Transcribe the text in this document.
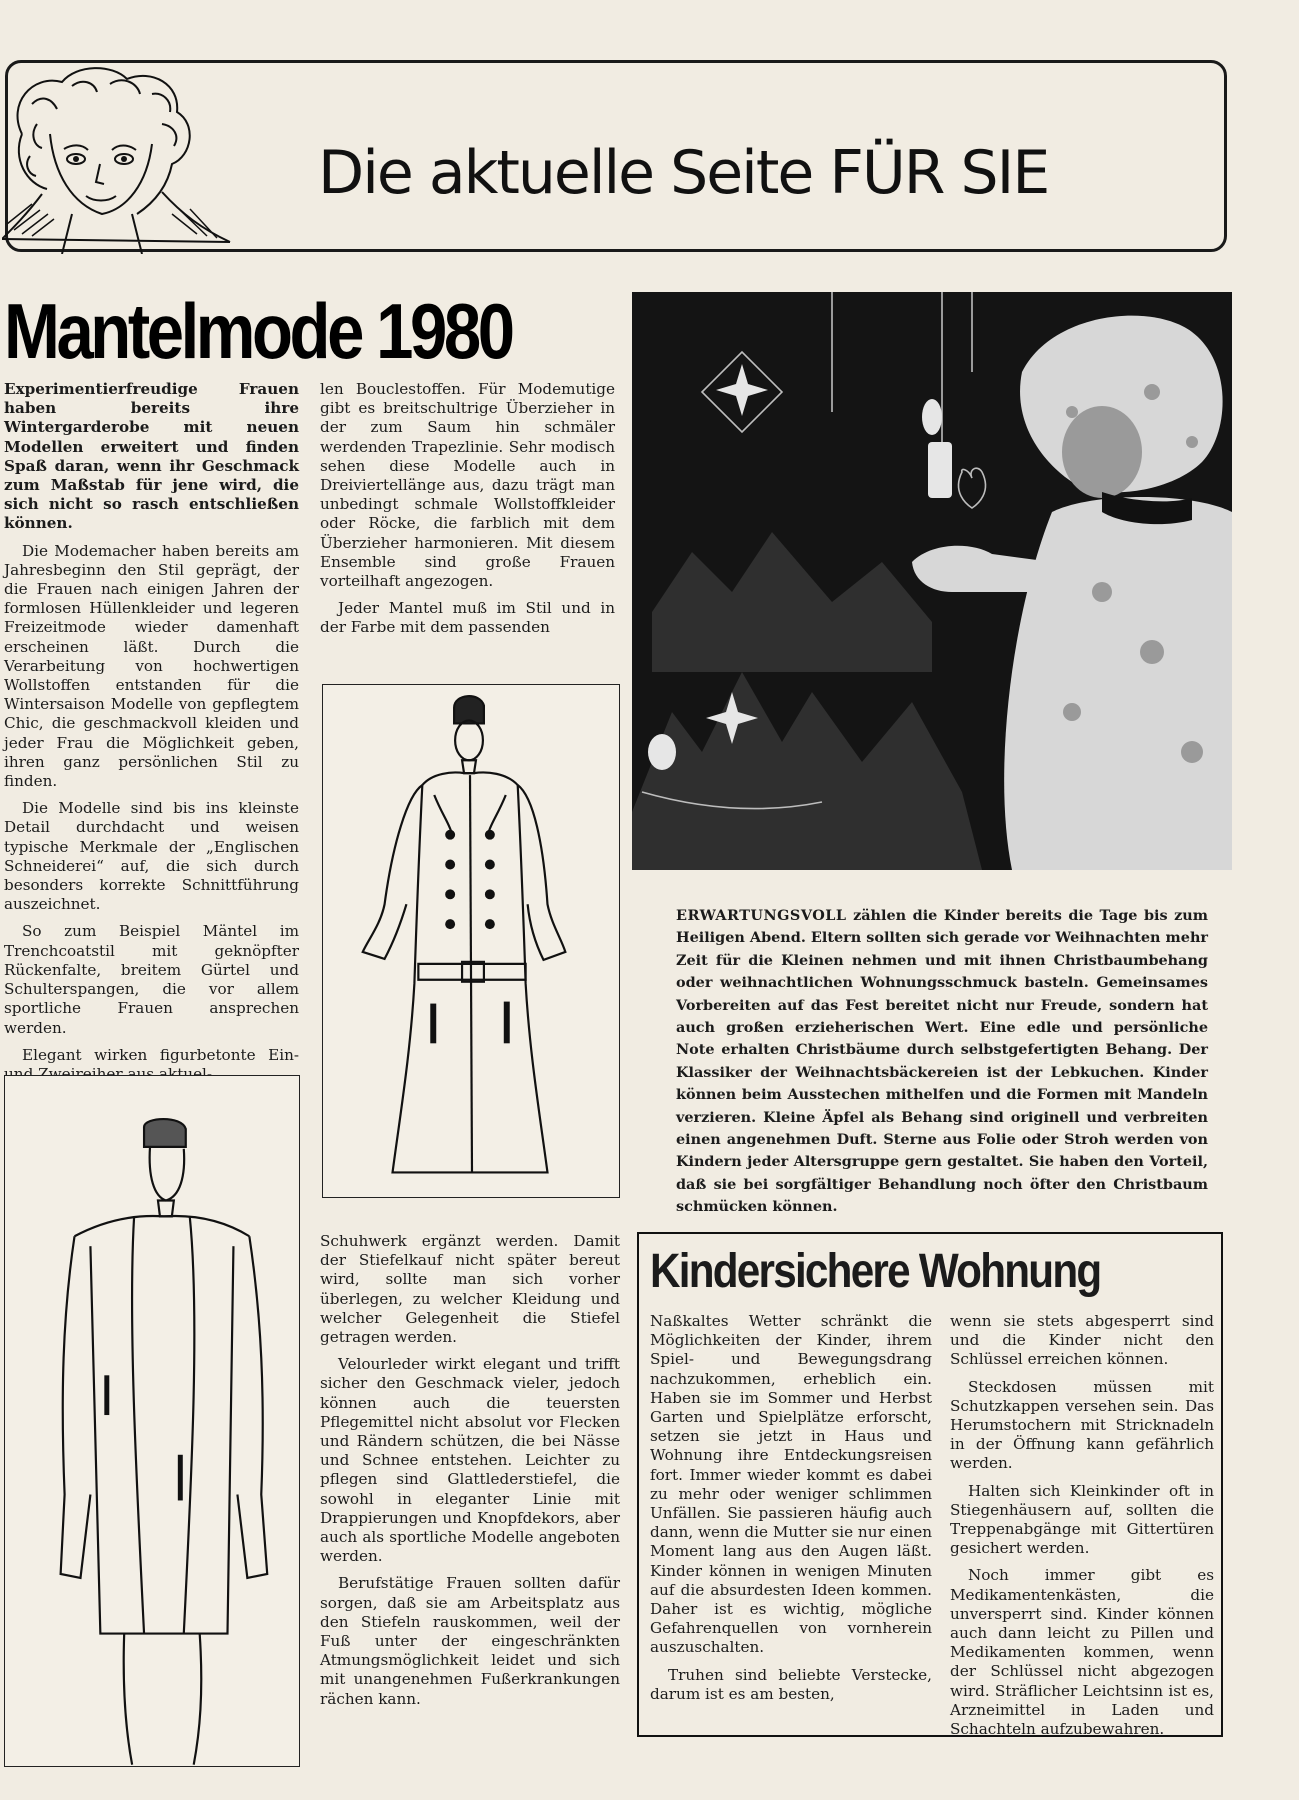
Die aktuelle Seite FÜR SIE
Mantelmode 1980

Experimentierfreudige Frauen haben bereits ihre Wintergarderobe mit neuen Modellen erweitert und finden Spaß daran, wenn ihr Geschmack zum Maßstab für jene wird, die sich nicht so rasch entschließen können.

Die Modemacher haben bereits am Jahresbeginn den Stil geprägt, der die Frauen nach einigen Jahren der formlosen Hüllenkleider und legeren Freizeitmode wieder damenhaft erscheinen läßt. Durch die Verarbeitung von hochwertigen Wollstoffen entstanden für die Wintersaison Modelle von gepflegtem Chic, die geschmackvoll kleiden und jeder Frau die Möglichkeit geben, ihren ganz persönlichen Stil zu finden.

Die Modelle sind bis ins kleinste Detail durchdacht und weisen typische Merkmale der „Englischen Schneiderei“ auf, die sich durch besonders korrekte Schnittführung auszeichnet.

So zum Beispiel Mäntel im Trenchcoatstil mit geknöpfter Rückenfalte, breitem Gürtel und Schulterspangen, die vor allem sportliche Frauen ansprechen werden.

Elegant wirken figurbetonte Ein- und Zweireiher aus aktuel-

len Bouclestoffen. Für Modemutige gibt es breitschultrige Überzieher in der zum Saum hin schmäler werdenden Trapezlinie. Sehr modisch sehen diese Modelle auch in Dreiviertellänge aus, dazu trägt man unbedingt schmale Wollstoffkleider oder Röcke, die farblich mit dem Überzieher harmonieren. Mit diesem Ensemble sind große Frauen vorteilhaft angezogen.

Jeder Mantel muß im Stil und in der Farbe mit dem passenden

Schuhwerk ergänzt werden. Damit der Stiefelkauf nicht später bereut wird, sollte man sich vorher überlegen, zu welcher Kleidung und welcher Gelegenheit die Stiefel getragen werden.

Velourleder wirkt elegant und trifft sicher den Geschmack vieler, jedoch können auch die teuersten Pflegemittel nicht absolut vor Flecken und Rändern schützen, die bei Nässe und Schnee entstehen. Leichter zu pflegen sind Glattlederstiefel, die sowohl in eleganter Linie mit Drappierungen und Knopfdekors, aber auch als sportliche Modelle angeboten werden.

Berufstätige Frauen sollten dafür sorgen, daß sie am Arbeitsplatz aus den Stiefeln rauskommen, weil der Fuß unter der eingeschränkten Atmungsmöglichkeit leidet und sich mit unangenehmen Fußerkrankungen rächen kann.

ERWARTUNGSVOLL zählen die Kinder bereits die Tage bis zum Heiligen Abend. Eltern sollten sich gerade vor Weihnachten mehr Zeit für die Kleinen nehmen und mit ihnen Christbaumbehang oder weihnachtlichen Wohnungsschmuck basteln. Gemeinsames Vorbereiten auf das Fest bereitet nicht nur Freude, sondern hat auch großen erzieherischen Wert. Eine edle und persönliche Note erhalten Christbäume durch selbstgefertigten Behang. Der Klassiker der Weihnachtsbäckereien ist der Lebkuchen. Kinder können beim Ausstechen mithelfen und die Formen mit Mandeln verzieren. Kleine Äpfel als Behang sind originell und verbreiten einen angenehmen Duft. Sterne aus Folie oder Stroh werden von Kindern jeder Altersgruppe gern gestaltet. Sie haben den Vorteil, daß sie bei sorgfältiger Behandlung noch öfter den Christbaum schmücken können.
Kindersichere Wohnung

Naßkaltes Wetter schränkt die Möglichkeiten der Kinder, ihrem Spiel- und Bewegungsdrang nachzukommen, erheblich ein. Haben sie im Sommer und Herbst Garten und Spielplätze erforscht, setzen sie jetzt in Haus und Wohnung ihre Entdeckungsreisen fort. Immer wieder kommt es dabei zu mehr oder weniger schlimmen Unfällen. Sie passieren häufig auch dann, wenn die Mutter sie nur einen Moment lang aus den Augen läßt. Kinder können in wenigen Minuten auf die absurdesten Ideen kommen. Daher ist es wichtig, mögliche Gefahrenquellen von vornherein auszuschalten.

Truhen sind beliebte Verstecke, darum ist es am besten,

wenn sie stets abgesperrt sind und die Kinder nicht den Schlüssel erreichen können.

Steckdosen müssen mit Schutzkappen versehen sein. Das Herumstochern mit Stricknadeln in der Öffnung kann gefährlich werden.

Halten sich Kleinkinder oft in Stiegenhäusern auf, sollten die Treppenabgänge mit Gittertüren gesichert werden.

Noch immer gibt es Medikamentenkästen, die unversperrt sind. Kinder können auch dann leicht zu Pillen und Medikamenten kommen, wenn der Schlüssel nicht abgezogen wird. Sträflicher Leichtsinn ist es, Arzneimittel in Laden und Schachteln aufzubewahren.
